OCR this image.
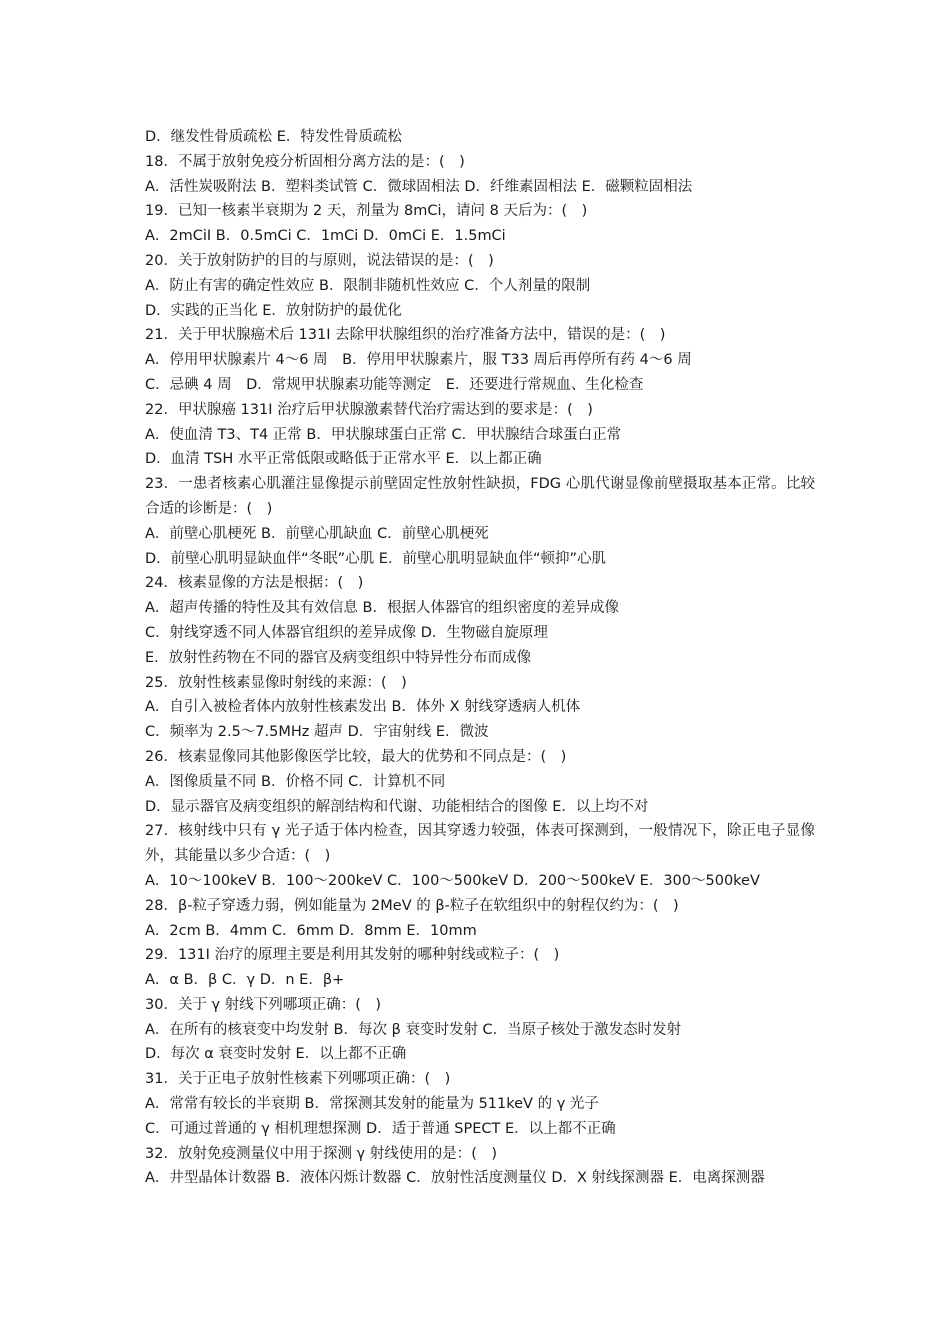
D．继发性骨质疏松 E．特发性骨质疏松
18．不属于放射免疫分析固相分离方法的是：(　)
A．活性炭吸附法 B．塑料类试管 C．微球固相法 D．纤维素固相法 E．磁颗粒固相法
19．已知一核素半衰期为 2 天，剂量为 8mCi，请问 8 天后为：(　)
A．2mCiI B．0.5mCi C．1mCi D．0mCi E．1.5mCi
20．关于放射防护的目的与原则，说法错误的是：(　)
A．防止有害的确定性效应 B．限制非随机性效应 C．个人剂量的限制
D．实践的正当化 E．放射防护的最优化
21．关于甲状腺癌术后 131I 去除甲状腺组织的治疗准备方法中，错误的是：(　)
A．停用甲状腺素片 4～6 周　B．停用甲状腺素片，服 T33 周后再停所有药 4～6 周
C．忌碘 4 周　D．常规甲状腺素功能等测定　E．还要进行常规血、生化检查
22．甲状腺癌 131I 治疗后甲状腺激素替代治疗需达到的要求是：(　)
A．使血清 T3、T4 正常 B．甲状腺球蛋白正常 C．甲状腺结合球蛋白正常
D．血清 TSH 水平正常低限或略低于正常水平 E．以上都正确
23．一患者核素心肌灌注显像提示前壁固定性放射性缺损，FDG 心肌代谢显像前壁摄取基本正常。比较合适的诊断是：(　)
A．前壁心肌梗死 B．前壁心肌缺血 C．前壁心肌梗死
D．前壁心肌明显缺血伴“冬眠”心肌 E．前壁心肌明显缺血伴“顿抑”心肌
24．核素显像的方法是根据：(　)
A．超声传播的特性及其有效信息 B．根据人体器官的组织密度的差异成像
C．射线穿透不同人体器官组织的差异成像 D．生物磁自旋原理
E．放射性药物在不同的器官及病变组织中特异性分布而成像
25．放射性核素显像时射线的来源：(　)
A．自引入被检者体内放射性核素发出 B．体外 X 射线穿透病人机体
C．频率为 2.5～7.5MHz 超声 D．宇宙射线 E．微波
26．核素显像同其他影像医学比较，最大的优势和不同点是：(　)
A．图像质量不同 B．价格不同 C．计算机不同
D．显示器官及病变组织的解剖结构和代谢、功能相结合的图像 E．以上均不对
27．核射线中只有 γ 光子适于体内检查，因其穿透力较强，体表可探测到，一般情况下，除正电子显像外，其能量以多少合适：(　)
A．10～100keV B．100～200keV C．100～500keV D．200～500keV E．300～500keV
28．β-粒子穿透力弱，例如能量为 2MeV 的 β-粒子在软组织中的射程仅约为：(　)
A．2cm B．4mm C．6mm D．8mm E．10mm
29．131I 治疗的原理主要是利用其发射的哪种射线或粒子：(　)
A．α B．β C．γ D．n E．β+
30．关于 γ 射线下列哪项正确：(　)
A．在所有的核衰变中均发射 B．每次 β 衰变时发射 C．当原子核处于激发态时发射
D．每次 α 衰变时发射 E．以上都不正确
31．关于正电子放射性核素下列哪项正确：(　)
A．常常有较长的半衰期 B．常探测其发射的能量为 511keV 的 γ 光子
C．可通过普通的 γ 相机理想探测 D．适于普通 SPECT E．以上都不正确
32．放射免疫测量仪中用于探测 γ 射线使用的是：(　)
A．井型晶体计数器 B．液体闪烁计数器 C．放射性活度测量仪 D．X 射线探测器 E．电离探测器
